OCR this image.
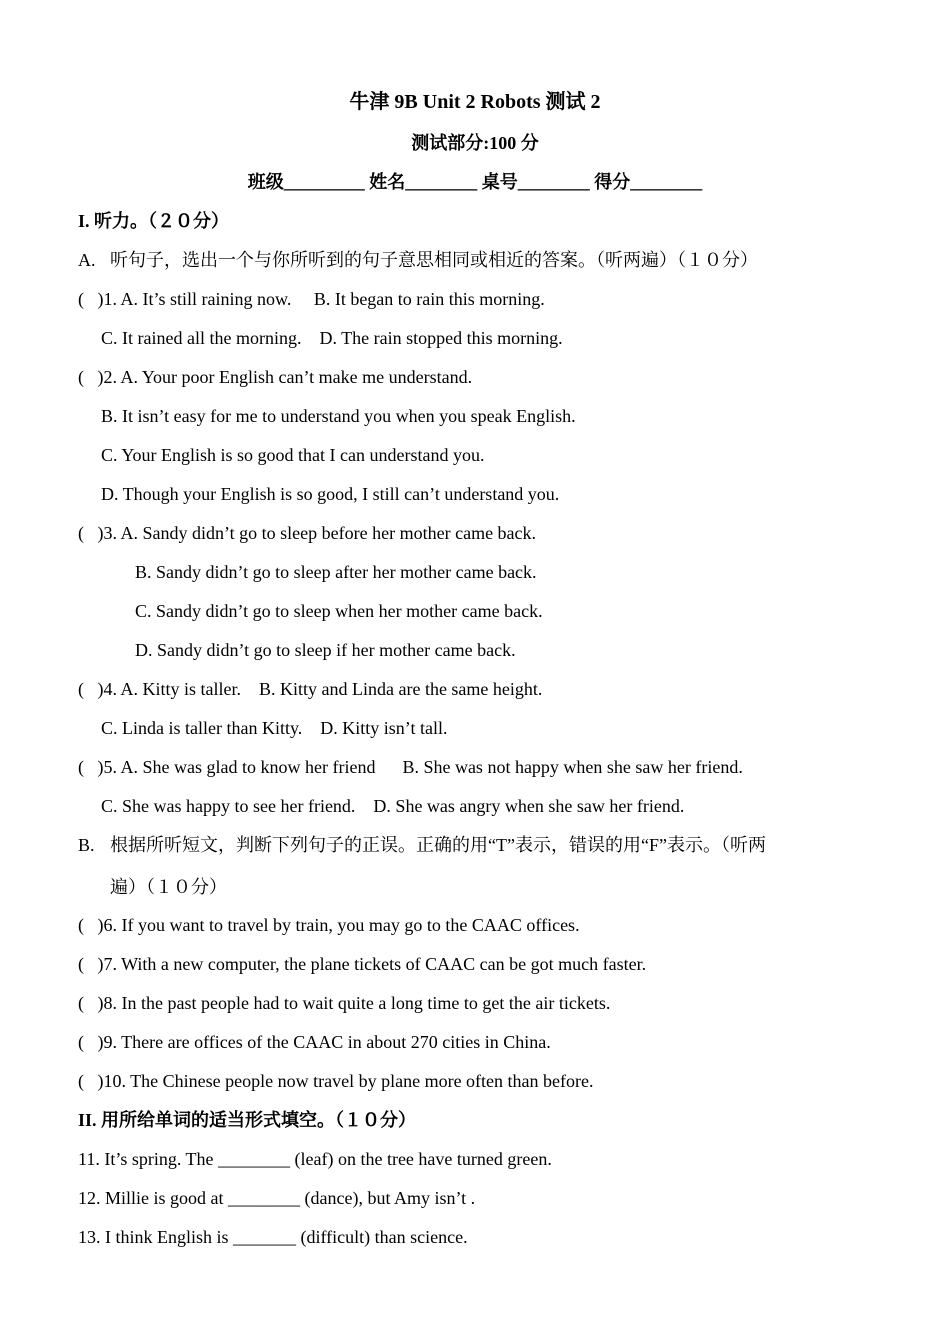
牛津 9B Unit 2 Robots 测试 2
测试部分:100 分
班级_________ 姓名________ 桌号________ 得分________
I. 听力。（２０分）
A. 听句子，选出一个与你所听到的句子意思相同或相近的答案。（听两遍）（１０分）
(   )1. A. It’s still raining now.     B. It began to rain this morning.
C. It rained all the morning.    D. The rain stopped this morning.
(   )2. A. Your poor English can’t make me understand.
B. It isn’t easy for me to understand you when you speak English.
C. Your English is so good that I can understand you.
D. Though your English is so good, I still can’t understand you.
(   )3. A. Sandy didn’t go to sleep before her mother came back.
B. Sandy didn’t go to sleep after her mother came back.
C. Sandy didn’t go to sleep when her mother came back.
D. Sandy didn’t go to sleep if her mother came back.
(   )4. A. Kitty is taller.    B. Kitty and Linda are the same height.
C. Linda is taller than Kitty.    D. Kitty isn’t tall.
(   )5. A. She was glad to know her friend      B. She was not happy when she saw her friend.
C. She was happy to see her friend.    D. She was angry when she saw her friend.
B. 根据所听短文，判断下列句子的正误。正确的用“T”表示，错误的用“F”表示。（听两
遍）（１０分）
(   )6. If you want to travel by train, you may go to the CAAC offices.
(   )7. With a new computer, the plane tickets of CAAC can be got much faster.
(   )8. In the past people had to wait quite a long time to get the air tickets.
(   )9. There are offices of the CAAC in about 270 cities in China.
(   )10. The Chinese people now travel by plane more often than before.
II. 用所给单词的适当形式填空。（１０分）
11. It’s spring. The ________ (leaf) on the tree have turned green.
12. Millie is good at ________ (dance), but Amy isn’t .
13. I think English is _______ (difficult) than science.
